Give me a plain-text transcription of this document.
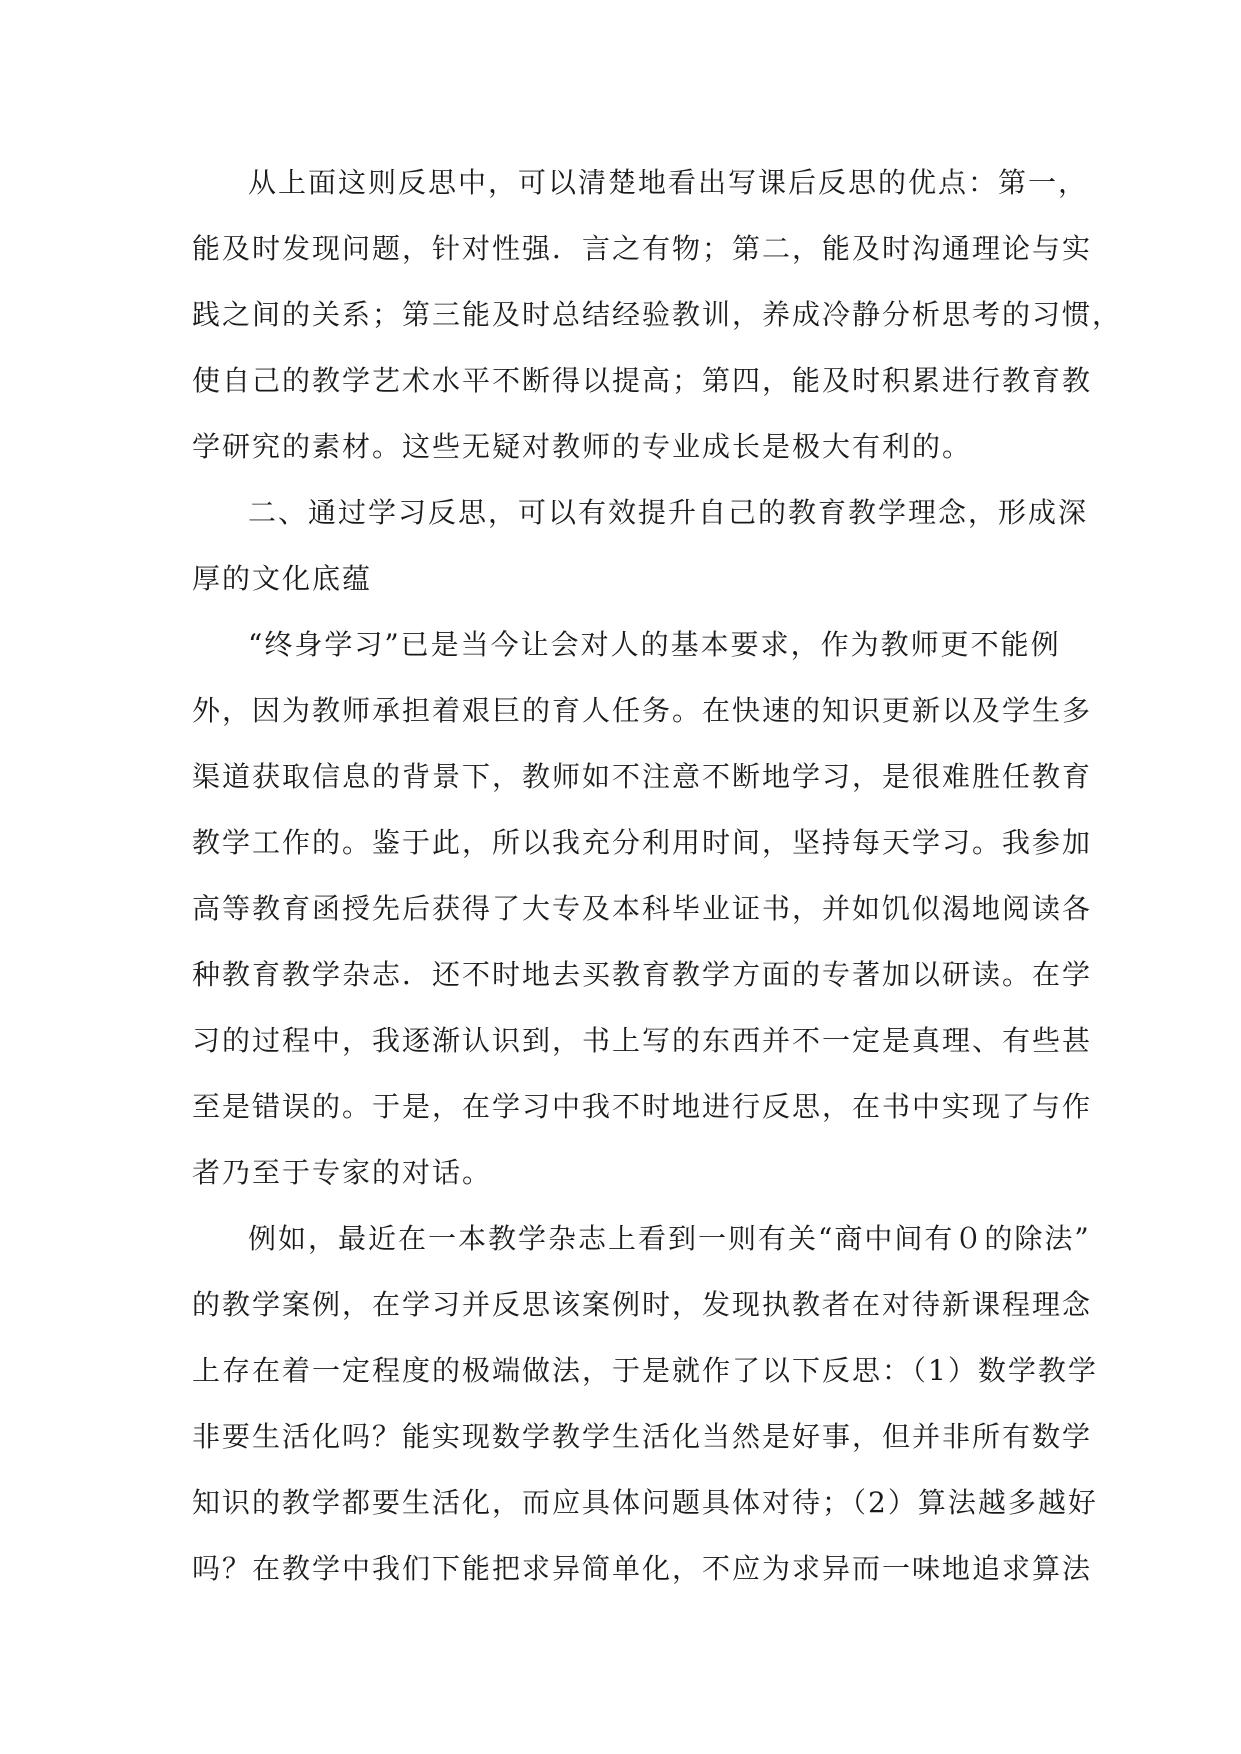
从上面这则反思中，可以清楚地看出写课后反思的优点：第一，
能及时发现问题，针对性强．言之有物；第二，能及时沟通理论与实
践之间的关系；第三能及时总结经验教训，养成冷静分析思考的习惯，
使自己的教学艺术水平不断得以提高；第四，能及时积累进行教育教
学研究的素材。这些无疑对教师的专业成长是极大有利的。
二、通过学习反思，可以有效提升自己的教育教学理念，形成深
厚的文化底蕴
“终身学习”已是当今让会对人的基本要求，作为教师更不能例
外，因为教师承担着艰巨的育人任务。在快速的知识更新以及学生多
渠道获取信息的背景下，教师如不注意不断地学习，是很难胜任教育
教学工作的。鉴于此，所以我充分利用时间，坚持每天学习。我参加
高等教育函授先后获得了大专及本科毕业证书，并如饥似渴地阅读各
种教育教学杂志．还不时地去买教育教学方面的专著加以研读。在学
习的过程中，我逐渐认识到，书上写的东西并不一定是真理、有些甚
至是错误的。于是，在学习中我不时地进行反思，在书中实现了与作
者乃至于专家的对话。
例如，最近在一本教学杂志上看到一则有关“商中间有０的除法”
的教学案例，在学习并反思该案例时，发现执教者在对待新课程理念
上存在着一定程度的极端做法，于是就作了以下反思：（1）数学教学
非要生活化吗？能实现数学教学生活化当然是好事，但并非所有数学
知识的教学都要生活化，而应具体问题具体对待；（2）算法越多越好
吗？在教学中我们下能把求异简单化，不应为求异而一味地追求算法
